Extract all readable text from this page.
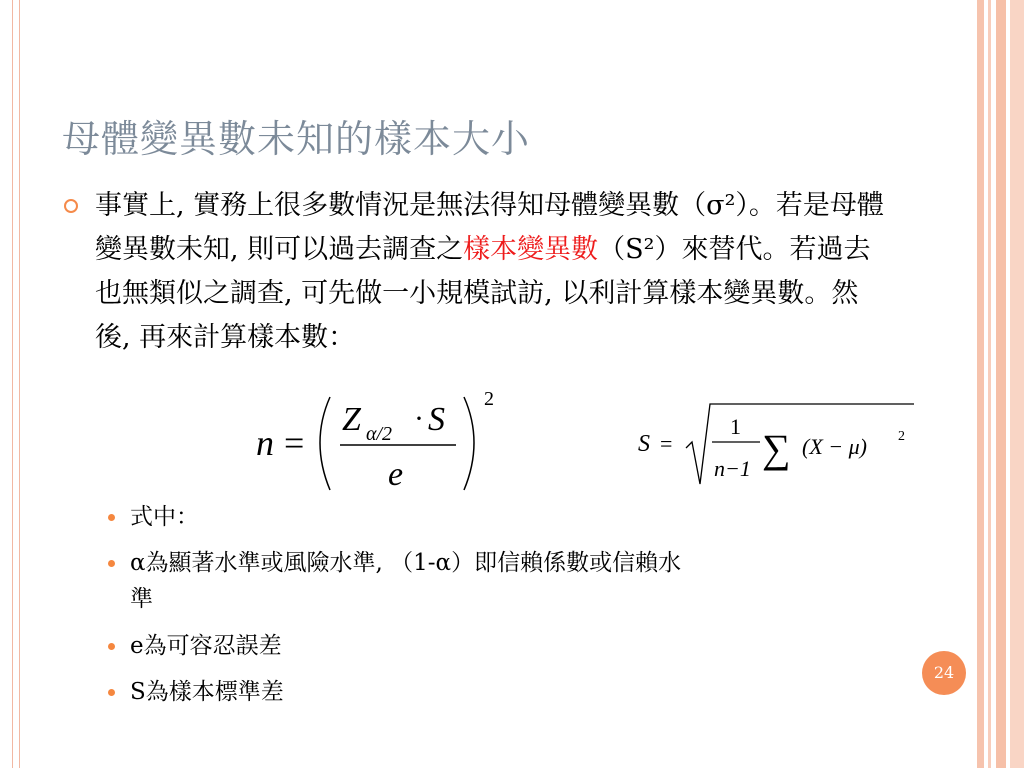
母體變異數未知的樣本大小
事實上, 實務上很多數情況是無法得知母體變異數（σ²）。若是母體變異數未知, 則可以過去調查之樣本變異數（S²）來替代。若過去也無類似之調查, 可先做一小規模試訪, 以利計算樣本變異數。然後, 再來計算樣本數：
n =
Z α/2 · S
e
2
S =
1
n−1 ∑ (X − μ) 2
式中：
α為顯著水準或風險水準, （1-α）即信賴係數或信賴水
準
e為可容忍誤差
S為樣本標準差
24
